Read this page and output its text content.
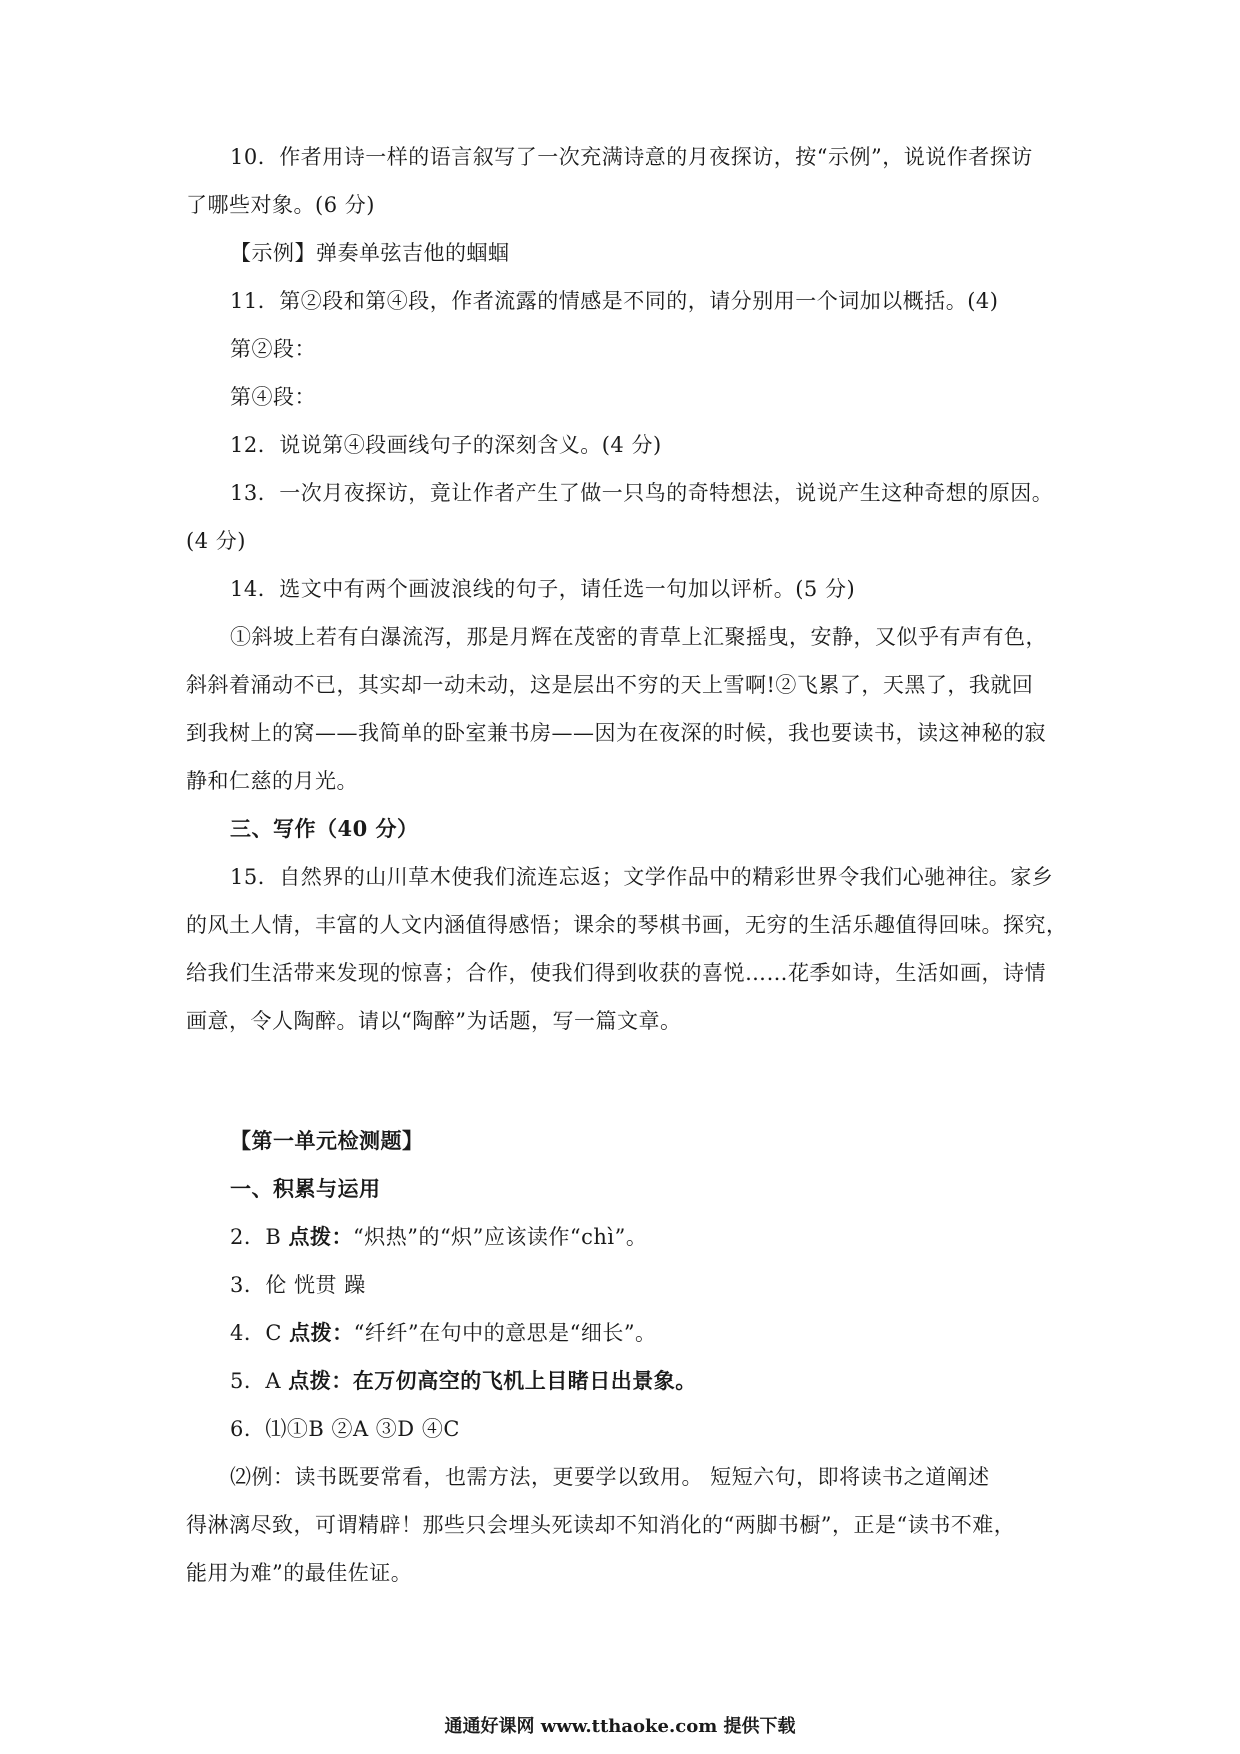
10．作者用诗一样的语言叙写了一次充满诗意的月夜探访，按“示例”，说说作者探访
了哪些对象。(6 分)
【示例】弹奏单弦吉他的蝈蝈
11．第②段和第④段，作者流露的情感是不同的，请分别用一个词加以概括。(4)
第②段：
第④段：
12．说说第④段画线句子的深刻含义。(4 分)
13．一次月夜探访，竟让作者产生了做一只鸟的奇特想法，说说产生这种奇想的原因。
(4 分)
14．选文中有两个画波浪线的句子，请任选一句加以评析。(5 分)
①斜坡上若有白瀑流泻，那是月辉在茂密的青草上汇聚摇曳，安静，又似乎有声有色，
斜斜着涌动不已，其实却一动未动，这是层出不穷的天上雪啊!②飞累了，天黑了，我就回
到我树上的窝——我简单的卧室兼书房——因为在夜深的时候，我也要读书，读这神秘的寂
静和仁慈的月光。
三、写作（40 分）
15．自然界的山川草木使我们流连忘返；文学作品中的精彩世界令我们心驰神往。家乡
的风土人情，丰富的人文内涵值得感悟；课余的琴棋书画，无穷的生活乐趣值得回味。探究，
给我们生活带来发现的惊喜；合作，使我们得到收获的喜悦……花季如诗，生活如画，诗情
画意，令人陶醉。请以“陶醉”为话题，写一篇文章。
【第一单元检测题】
一、积累与运用
2．B 点拨：“炽热”的“炽”应该读作“chì”。
3．伦 恍贯 躁
4．C 点拨：“纤纤”在句中的意思是“细长”。
5．A 点拨：在万仞高空的飞机上目睹日出景象。
6．⑴①B ②A ③D ④C
⑵例：读书既要常看，也需方法，更要学以致用。 短短六句，即将读书之道阐述
得淋漓尽致，可谓精辟！那些只会埋头死读却不知消化的“两脚书橱”，正是“读书不难，
能用为难”的最佳佐证。
通通好课网 www.tthaoke.com 提供下载
